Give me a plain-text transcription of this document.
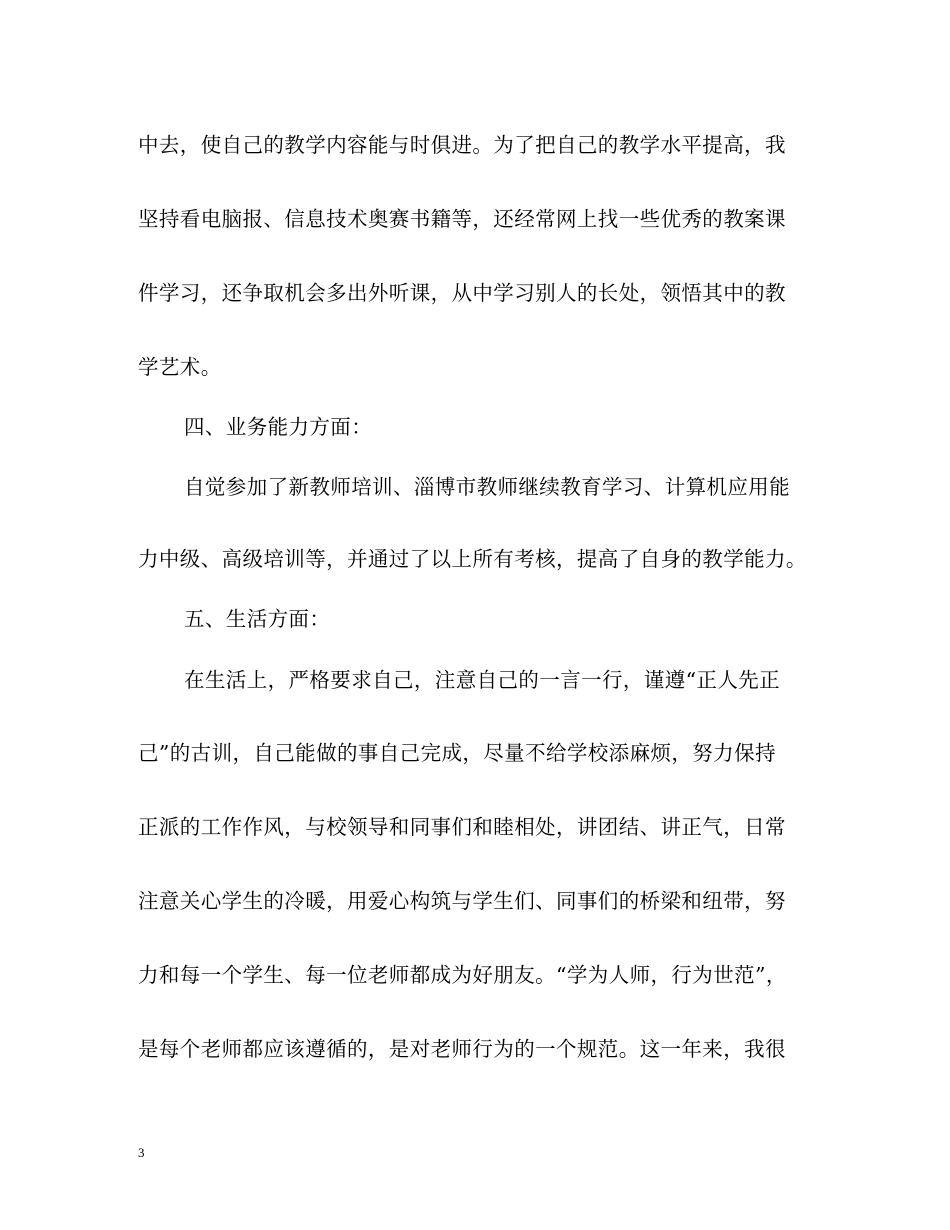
中去，使自己的教学内容能与时俱进。为了把自己的教学水平提高，我
坚持看电脑报、信息技术奥赛书籍等，还经常网上找一些优秀的教案课
件学习，还争取机会多出外听课，从中学习别人的长处，领悟其中的教
学艺术。
四、业务能力方面：
自觉参加了新教师培训、淄博市教师继续教育学习、计算机应用能
力中级、高级培训等，并通过了以上所有考核，提高了自身的教学能力。
五、生活方面：
在生活上，严格要求自己，注意自己的一言一行，谨遵“正人先正
己”的古训，自己能做的事自己完成，尽量不给学校添麻烦，努力保持
正派的工作作风，与校领导和同事们和睦相处，讲团结、讲正气，日常
注意关心学生的冷暖，用爱心构筑与学生们、同事们的桥梁和纽带，努
力和每一个学生、每一位老师都成为好朋友。“学为人师，行为世范”，
是每个老师都应该遵循的，是对老师行为的一个规范。这一年来，我很
3
